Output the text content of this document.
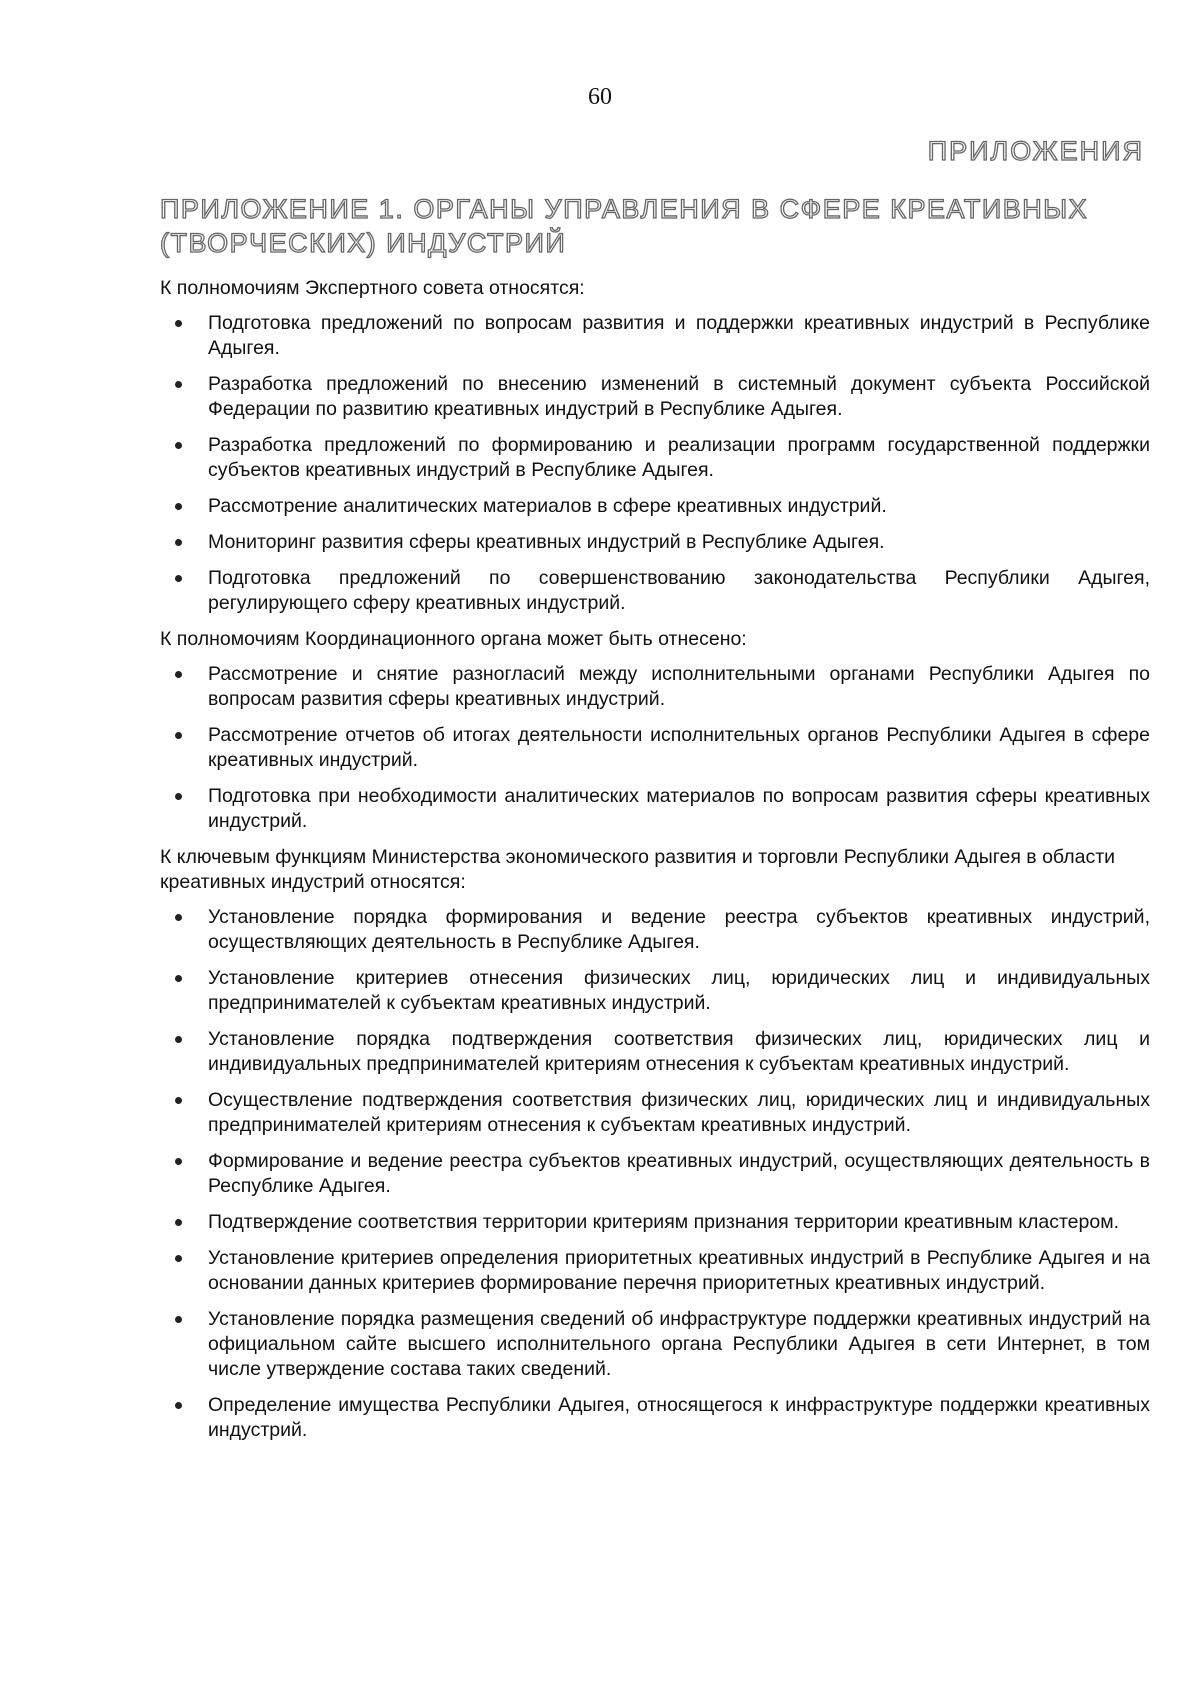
60
ПРИЛОЖЕНИЯ
ПРИЛОЖЕНИЕ 1. ОРГАНЫ УПРАВЛЕНИЯ В СФЕРЕ КРЕАТИВНЫХ (ТВОРЧЕСКИХ) ИНДУСТРИЙ

К полномочиям Экспертного совета относятся:

Подготовка предложений по вопросам развития и поддержки креативных индустрий в Республике Адыгея.
Разработка предложений по внесению изменений в системный документ субъекта Российской Федерации по развитию креативных индустрий в Республике Адыгея.
Разработка предложений по формированию и реализации программ государственной поддержки субъектов креативных индустрий в Республике Адыгея.
Рассмотрение аналитических материалов в сфере креативных индустрий.
Мониторинг развития сферы креативных индустрий в Республике Адыгея.
Подготовка предложений по совершенствованию законодательства Республики Адыгея, регулирующего сферу креативных индустрий.

К полномочиям Координационного органа может быть отнесено:

Рассмотрение и снятие разногласий между исполнительными органами Республики Адыгея по вопросам развития сферы креативных индустрий.
Рассмотрение отчетов об итогах деятельности исполнительных органов Республики Адыгея в сфере креативных индустрий.
Подготовка при необходимости аналитических материалов по вопросам развития сферы креативных индустрий.

К ключевым функциям Министерства экономического развития и торговли Республики Адыгея в области креативных индустрий относятся:

Установление порядка формирования и ведение реестра субъектов креативных индустрий, осуществляющих деятельность в Республике Адыгея.
Установление критериев отнесения физических лиц, юридических лиц и индивидуальных предпринимателей к субъектам креативных индустрий.
Установление порядка подтверждения соответствия физических лиц, юридических лиц и индивидуальных предпринимателей критериям отнесения к субъектам креативных индустрий.
Осуществление подтверждения соответствия физических лиц, юридических лиц и индивидуальных предпринимателей критериям отнесения к субъектам креативных индустрий.
Формирование и ведение реестра субъектов креативных индустрий, осуществляющих деятельность в Республике Адыгея.
Подтверждение соответствия территории критериям признания территории креативным кластером.
Установление критериев определения приоритетных креативных индустрий в Республике Адыгея и на основании данных критериев формирование перечня приоритетных креативных индустрий.
Установление порядка размещения сведений об инфраструктуре поддержки креативных индустрий на официальном сайте высшего исполнительного органа Республики Адыгея в сети Интернет, в том числе утверждение состава таких сведений.
Определение имущества Республики Адыгея, относящегося к инфраструктуре поддержки креативных индустрий.
